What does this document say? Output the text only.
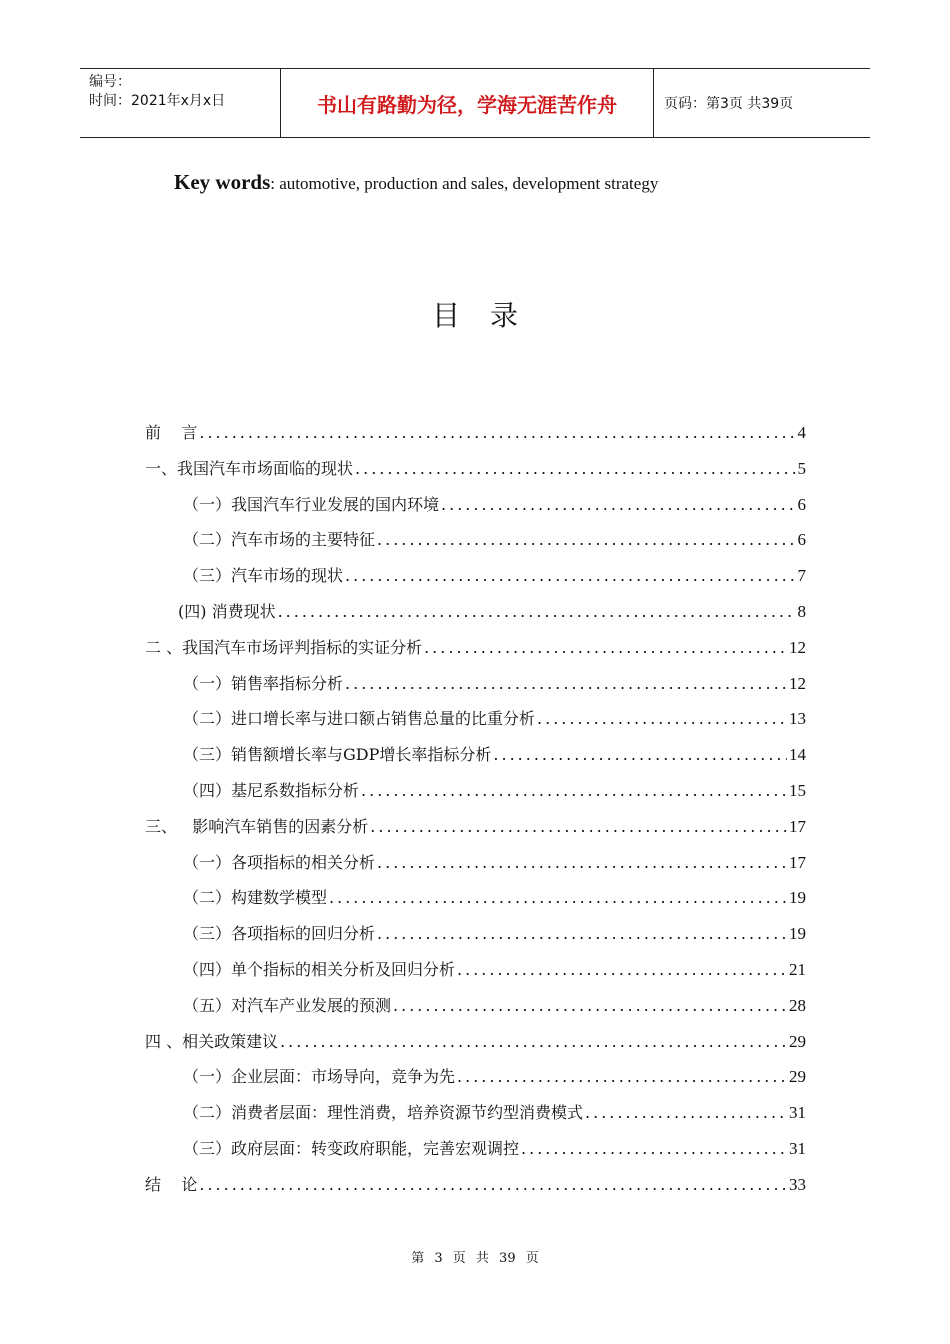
编号：
时间：2021年x月x日	书山有路勤为径，学海无涯苦作舟	页码：第3页 共39页
Key words: automotive, production and sales, development strategy
目录
前    言 .....	4
一、我国汽车市场面临的现状 .....	5
（一）我国汽车行业发展的国内环境 .....	6
（二）汽车市场的主要特征 .....	6
（三）汽车市场的现状 .....	7
(四) 消费现状 .....	8
二 、我国汽车市场评判指标的实证分析 .....	12
（一）销售率指标分析 .....	12
（二）进口增长率与进口额占销售总量的比重分析 .....	13
（三）销售额增长率与GDP增长率指标分析 .....	14
（四）基尼系数指标分析 .....	15
三、   影响汽车销售的因素分析 .....	17
（一）各项指标的相关分析 .....	17
（二）构建数学模型 .....	19
（三）各项指标的回归分析 .....	19
（四）单个指标的相关分析及回归分析 .....	21
（五）对汽车产业发展的预测 .....	28
四 、相关政策建议 .....	29
（一）企业层面：市场导向，竞争为先 .....	29
（二）消费者层面：理性消费，培养资源节约型消费模式 .....	31
（三）政府层面：转变政府职能，完善宏观调控 .....	31
结    论 .....	33
第 3 页 共 39 页
